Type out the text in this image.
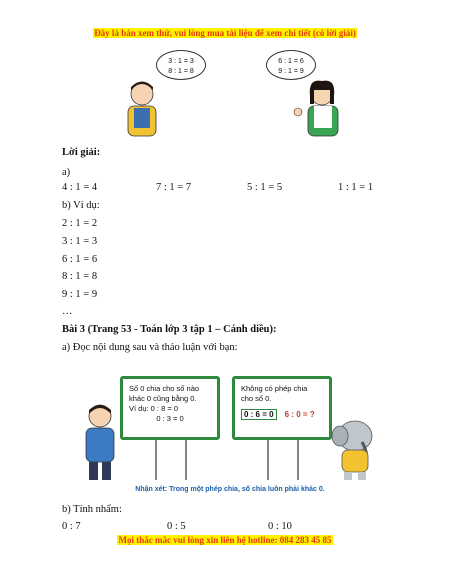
Đây là bản xem thử, vui lòng mua tài liệu để xem chi tiết (có lời giải)
3 : 1 = 3
8 : 1 = 8
6 : 1 = 6
9 : 1 = 9
Lời giải:
a)
4 : 1 = 4	7 : 1 = 7	5 : 1 = 5	1 : 1 = 1
b) Ví dụ:
2 : 1 = 2
3 : 1 = 3
6 : 1 = 6
8 : 1 = 8
9 : 1 = 9
…
Bài 3 (Trang 53 - Toán lớp 3 tập 1 – Cánh diều):
a) Đọc nội dung sau và thảo luận với bạn:
Số 0 chia cho số nào
khác 0 cũng bằng 0.
Ví dụ: 0 : 8 = 0
0 : 3 = 0
Không có phép chia
cho số 0.
0 : 6 = 0 6 : 0 = ?
Nhận xét: Trong một phép chia, số chia luôn phải khác 0.
b) Tính nhẩm:
0 : 7	0 : 5	0 : 10
Mọi thắc mắc vui lòng xin liên hệ hotline: 084 283 45 85
